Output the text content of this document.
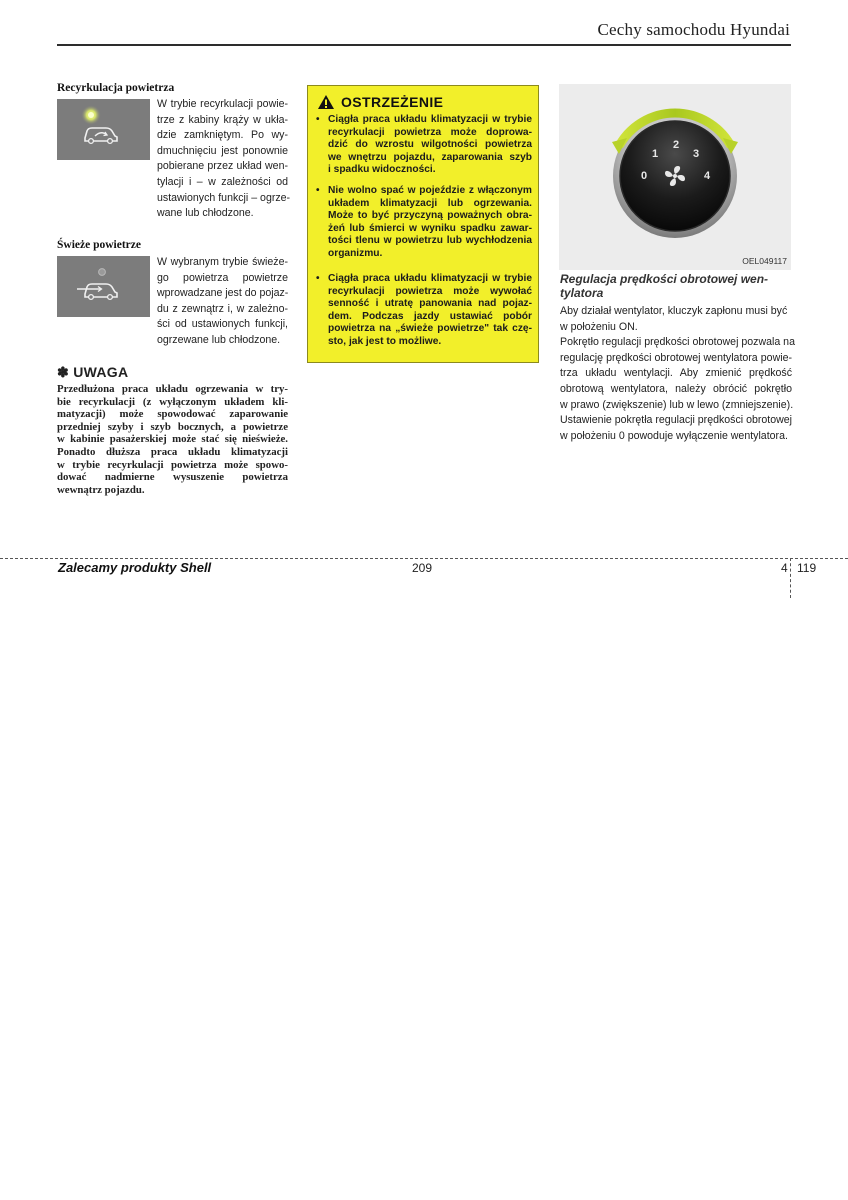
Cechy samochodu Hyundai
Recyrkulacja powietrza
W trybie recyrkulacji powie-
trze z kabiny krąży w ukła-
dzie zamkniętym. Po wy-
dmuchnięciu jest ponownie
pobierane przez układ wen-
tylacji i – w zależności od
ustawionych funkcji – ogrze-
wane lub chłodzone.
Świeże powietrze
W wybranym trybie świeże-
go powietrza powietrze
wprowadzane jest do pojaz-
du z zewnątrz i, w zależno-
ści od ustawionych funkcji,
ogrzewane lub chłodzone.
✽ UWAGA
Przedłużona praca układu ogrzewania w try-
bie recyrkulacji (z wyłączonym układem kli-
matyzacji) może spowodować zaparowanie
przedniej szyby i szyb bocznych, a powietrze
w kabinie pasażerskiej może stać się nieświeże.
Ponadto dłuższa praca układu klimatyzacji
w trybie recyrkulacji powietrza może spowo-
dować nadmierne wysuszenie powietrza
wewnątrz pojazdu.
OSTRZEŻENIE
• Ciągła praca układu klimatyzacji w trybie
recyrkulacji powietrza może doprowa-
dzić do wzrostu wilgotności powietrza
we wnętrzu pojazdu, zaparowania szyb
i spadku widoczności.
• Nie wolno spać w pojeździe z włączonym
układem klimatyzacji lub ogrzewania.
Może to być przyczyną poważnych obra-
żeń lub śmierci w wyniku spadku zawar-
tości tlenu w powietrzu lub wychłodzenia
organizmu.
• Ciągła praca układu klimatyzacji w trybie
recyrkulacji powietrza może wywołać
senność i utratę panowania nad pojaz-
dem. Podczas jazdy ustawiać pobór
powietrza na „świeże powietrze" tak czę-
sto, jak jest to możliwe.
0
1
2
3
4
OEL049117
Regulacja prędkości obrotowej wen-
tylatora
Aby działał wentylator, kluczyk zapłonu musi być
w położeniu ON.
Pokrętło regulacji prędkości obrotowej pozwala na
regulację prędkości obrotowej wentylatora powie-
trza układu wentylacji. Aby zmienić prędkość
obrotową wentylatora, należy obrócić pokrętło
w prawo (zwiększenie) lub w lewo (zmniejszenie).
Ustawienie pokrętła regulacji prędkości obrotowej
w położeniu 0 powoduje wyłączenie wentylatora.
Zalecamy produkty Shell	209	4 119
